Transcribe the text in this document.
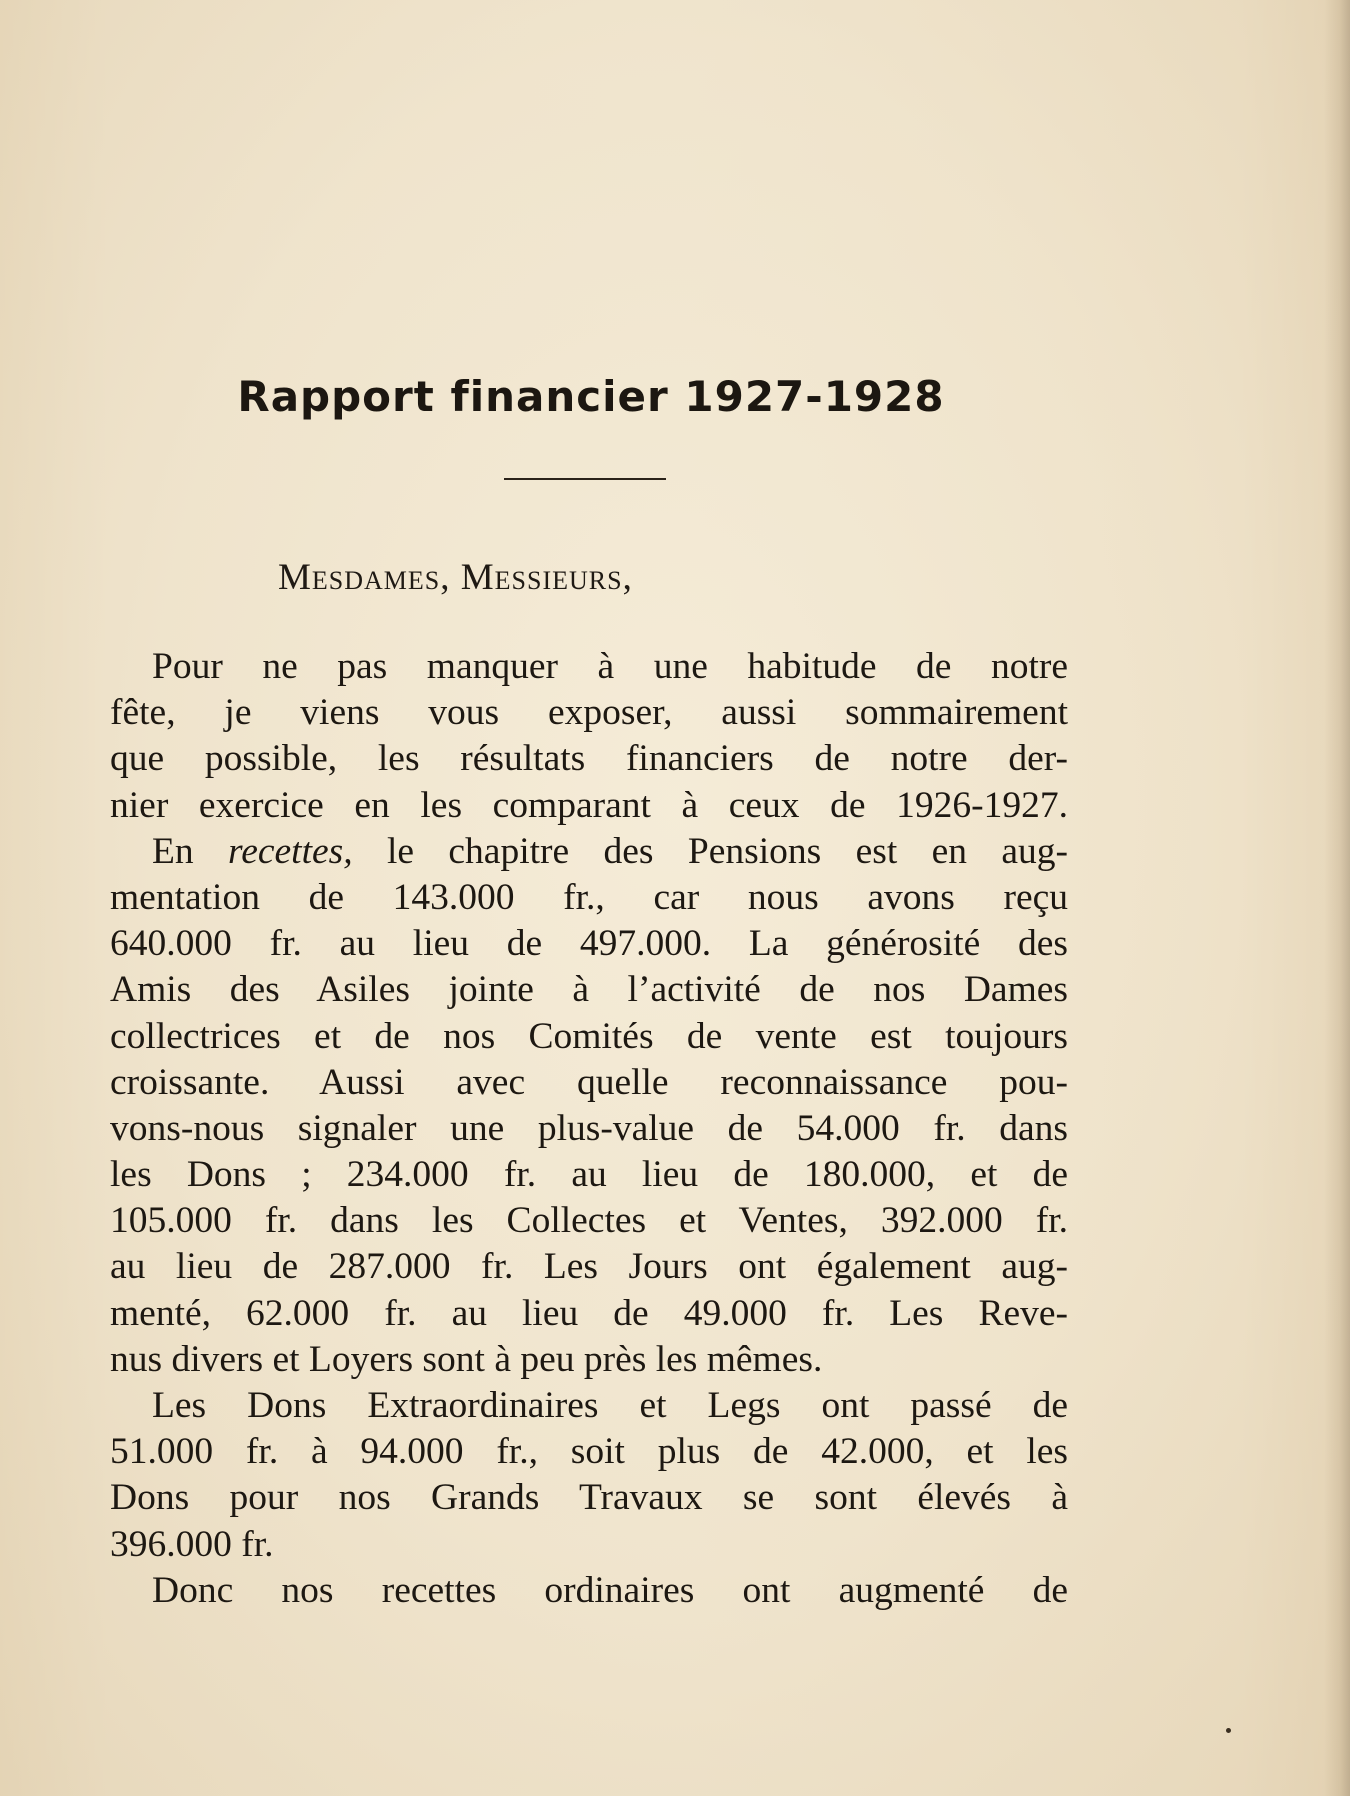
Rapport financier 1927-1928

Mesdames, Messieurs,

Pour ne pas manquer à une habitude de notre
fête, je viens vous exposer, aussi sommairement
que possible, les résultats financiers de notre der-
nier exercice en les comparant à ceux de 1926-1927.
En recettes, le chapitre des Pensions est en aug-
mentation de 143.000 fr., car nous avons reçu
640.000 fr. au lieu de 497.000. La générosité des
Amis des Asiles jointe à l’activité de nos Dames
collectrices et de nos Comités de vente est toujours
croissante. Aussi avec quelle reconnaissance pou-
vons-nous signaler une plus-value de 54.000 fr. dans
les Dons ; 234.000 fr. au lieu de 180.000, et de
105.000 fr. dans les Collectes et Ventes, 392.000 fr.
au lieu de 287.000 fr. Les Jours ont également aug-
menté, 62.000 fr. au lieu de 49.000 fr. Les Reve-
nus divers et Loyers sont à peu près les mêmes.
Les Dons Extraordinaires et Legs ont passé de
51.000 fr. à 94.000 fr., soit plus de 42.000, et les
Dons pour nos Grands Travaux se sont élevés à
396.000 fr.
Donc nos recettes ordinaires ont augmenté de
